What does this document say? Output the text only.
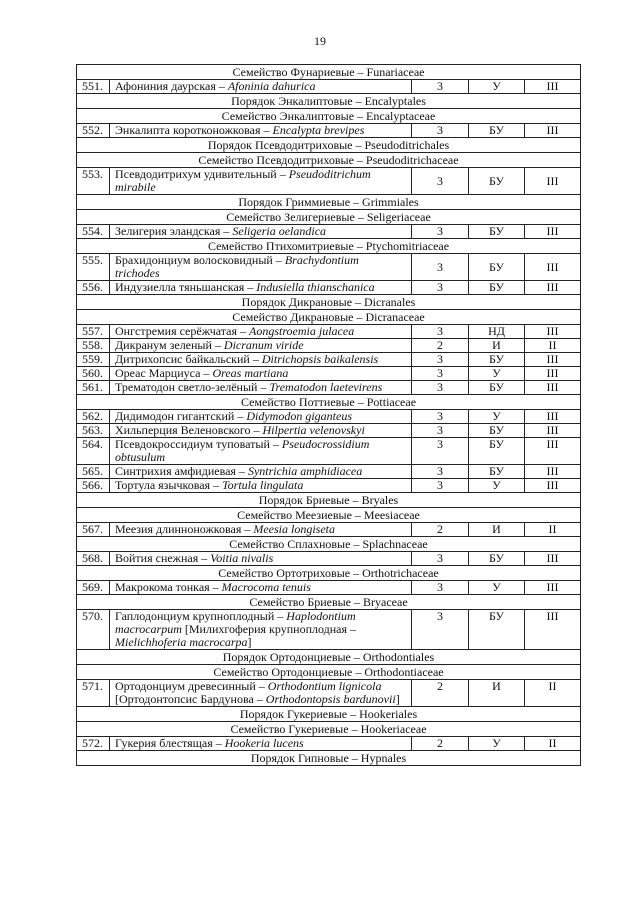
19
Семейство Фунариевые – Funariaceae				
551.	Афониния даурская – Afoninia dahurica	3	У	III
Порядок Энкалиптовые – Encalyptales				
Семейство Энкалиптовые – Encalyptaceae				
552.	Энкалипта коротконожковая – Encalypta brevipes	3	БУ	III
Порядок Псевдодитриховые – Pseudoditrichales				
Семейство Псевдодитриховые – Pseudoditrichaceae				
553.	Псевдодитрихум удивительный – Pseudoditrichum mirabile	3	БУ	III
Порядок Гриммиевые – Grimmiales				
Семейство Зелигериевые – Seligeriaceae				
554.	Зелигерия эландская – Seligeria oelandica	3	БУ	III
Семейство Птихомитриевые – Ptychomitriaceae				
555.	Брахидонциум волосковидный – Brachydontium trichodes	3	БУ	III
556.	Индузиелла тяньшанская – Indusiella thianschanica	3	БУ	III
Порядок Дикрановые – Dicranales				
Семейство Дикрановые – Dicranaceae				
557.	Онгстремия серёжчатая – Aongstroemia julacea	3	НД	III
558.	Дикранум зеленый – Dicranum viride	2	И	II
559.	Дитрихопсис байкальский – Ditrichopsis baikalensis	3	БУ	III
560.	Ореас Марциуса – Oreas martiana	3	У	III
561.	Трематодон светло-зелёный – Trematodon laetevirens	3	БУ	III
Семейство Поттиевые – Pottiaceae				
562.	Дидимодон гигантский – Didymodon giganteus	3	У	III
563.	Хильперция Веленовского – Hilpertia velenovskyi	3	БУ	III
564.	Псевдокроссидиум туповатый – Pseudocrossidium obtusulum	3	БУ	III
565.	Синтрихия амфидиевая – Syntrichia amphidiacea	3	БУ	III
566.	Тортула язычковая – Tortula lingulata	3	У	III
Порядок Бриевые – Bryales				
Семейство Меезиевые – Meesiaceae				
567.	Меезия длинноножковая – Meesia longiseta	2	И	II
Семейство Сплахновые – Splachnaceae				
568.	Войтия снежная – Voitia nivalis	3	БУ	III
Семейство Ортотриховые – Orthotrichaceae				
569.	Макрокома тонкая – Macrocoma tenuis	3	У	III
Семейство Бриевые – Bryaceae				
570.	Гаплодонциум крупноплодный – Haplodontium macrocarpum [Милихгоферия крупноплодная – Mielichhoferia macrocarpa]	3	БУ	III
Порядок Ортодонциевые – Orthodontiales				
Семейство Ортодонциевые – Orthodontiaceae				
571.	Ортодонциум древесинный – Orthodontium lignicola [Ортодонтопсис Бардунова – Orthodontopsis bardunovii]	2	И	II
Порядок Гукериевые – Hookeriales				
Семейство Гукериевые – Hookeriaceae				
572.	Гукерия блестящая – Hookeria lucens	2	У	II
Порядок Гипновые – Hypnales				
